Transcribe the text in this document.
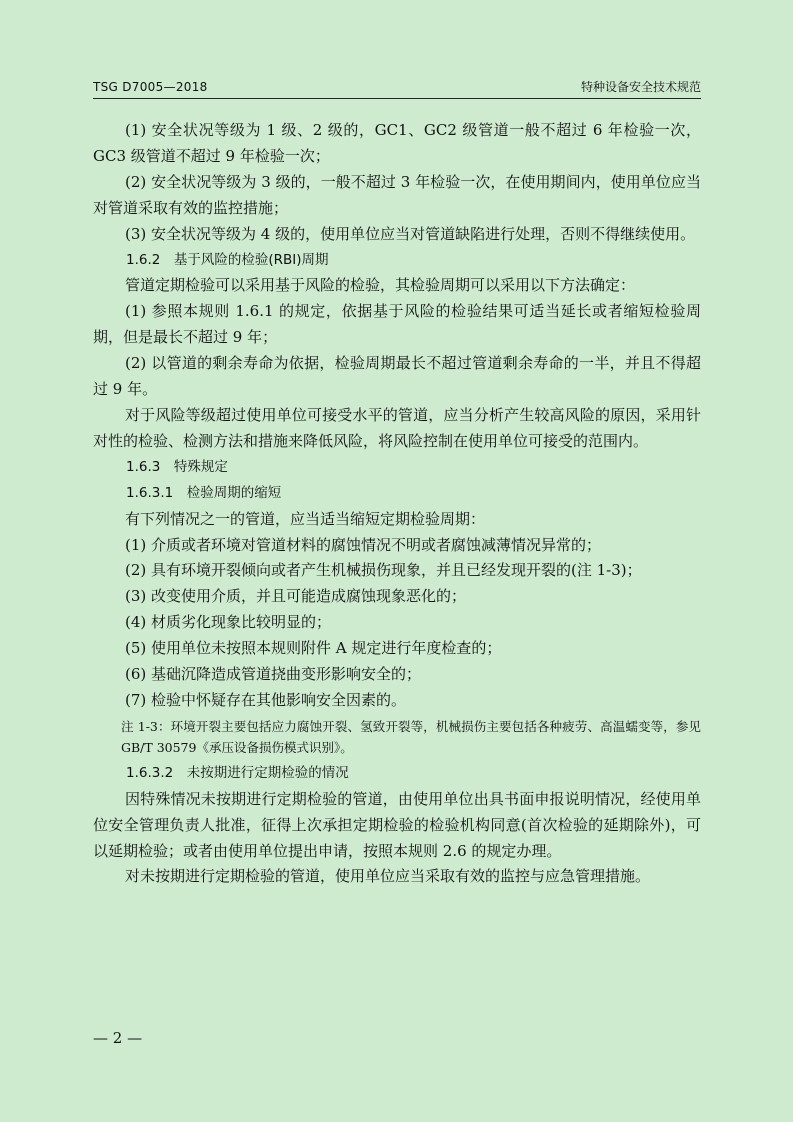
TSG D7005—2018	特种设备安全技术规范

(1) 安全状况等级为 1 级、2 级的，GC1、GC2 级管道一般不超过 6 年检验一次，GC3 级管道不超过 9 年检验一次；

(2) 安全状况等级为 3 级的，一般不超过 3 年检验一次，在使用期间内，使用单位应当对管道采取有效的监控措施；

(3) 安全状况等级为 4 级的，使用单位应当对管道缺陷进行处理，否则不得继续使用。

1.6.2　基于风险的检验(RBI)周期

管道定期检验可以采用基于风险的检验，其检验周期可以采用以下方法确定：

(1) 参照本规则 1.6.1 的规定，依据基于风险的检验结果可适当延长或者缩短检验周期，但是最长不超过 9 年；

(2) 以管道的剩余寿命为依据，检验周期最长不超过管道剩余寿命的一半，并且不得超过 9 年。

对于风险等级超过使用单位可接受水平的管道，应当分析产生较高风险的原因，采用针对性的检验、检测方法和措施来降低风险，将风险控制在使用单位可接受的范围内。

1.6.3　特殊规定

1.6.3.1　检验周期的缩短

有下列情况之一的管道，应当适当缩短定期检验周期：

(1) 介质或者环境对管道材料的腐蚀情况不明或者腐蚀减薄情况异常的；

(2) 具有环境开裂倾向或者产生机械损伤现象，并且已经发现开裂的(注 1-3)；

(3) 改变使用介质，并且可能造成腐蚀现象恶化的；

(4) 材质劣化现象比较明显的；

(5) 使用单位未按照本规则附件 A 规定进行年度检查的；

(6) 基础沉降造成管道挠曲变形影响安全的；

(7) 检验中怀疑存在其他影响安全因素的。

注 1-3：环境开裂主要包括应力腐蚀开裂、氢致开裂等，机械损伤主要包括各种疲劳、高温蠕变等，参见 GB/T 30579《承压设备损伤模式识别》。

1.6.3.2　未按期进行定期检验的情况

因特殊情况未按期进行定期检验的管道，由使用单位出具书面申报说明情况，经使用单位安全管理负责人批准，征得上次承担定期检验的检验机构同意(首次检验的延期除外)，可以延期检验；或者由使用单位提出申请，按照本规则 2.6 的规定办理。

对未按期进行定期检验的管道，使用单位应当采取有效的监控与应急管理措施。

— 2 —
